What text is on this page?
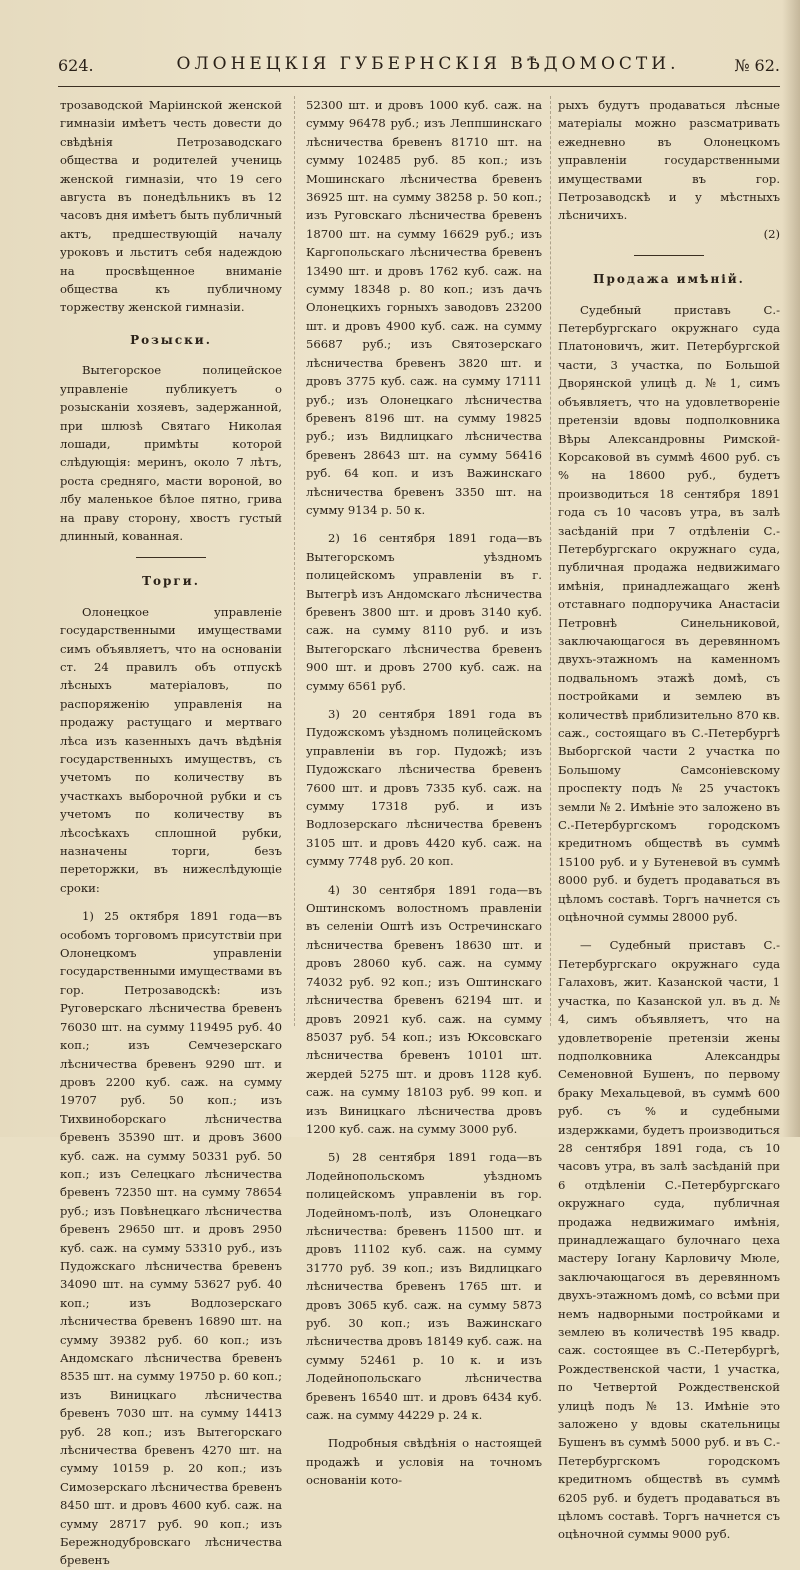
624.	ОЛОНЕЦКІЯ ГУБЕРНСКІЯ ВѢДОМОСТИ.	№ 62.

трозаводской Маріинской женской гимназіи имѣетъ честь довести до свѣдѣнія Петрозаводскаго общества и родителей учениць женской гимназіи, что 19 сего августа въ понедѣльникъ въ 12 часовъ дня имѣетъ быть публичный актъ, предшествующій началу уроковъ и льститъ себя надеждою на просвѣщенное вниманіе общества къ публичному торжеству женской гимназіи.

Розыски.

Вытегорское полицейское управленіе публикуетъ о розысканіи хозяевъ, задержанной, при шлюзѣ Святаго Николая лошади, примѣты которой слѣдующія: меринъ, около 7 лѣтъ, роста средняго, масти вороной, во лбу маленькое бѣлое пятно, грива на праву сторону, хвостъ густый длинный, кованная.

Торги.

Олонецкое управленіе государственными имуществами симъ объявляетъ, что на основаніи ст. 24 правилъ объ отпускѣ лѣсныхъ матеріаловъ, по распоряженію управленія на продажу растущаго и мертваго лѣса изъ казенныхъ дачъ вѣдѣнія государственныхъ имуществъ, съ учетомъ по количеству въ участкахъ выборочной рубки и съ учетомъ по количеству въ лѣсосѣкахъ сплошной рубки, назначены торги, безъ переторжки, въ нижеслѣдующіе сроки:

1) 25 октября 1891 года—въ особомъ торговомъ присутствіи при Олонецкомъ управленіи государственными имуществами въ гор. Петрозаводскѣ: изъ Руговерскаго лѣсничества бревенъ 76030 шт. на сумму 119495 руб. 40 коп.; изъ Семчезерскаго лѣсничества бревенъ 9290 шт. и дровъ 2200 куб. саж. на сумму 19707 руб. 50 коп.; изъ Тихвиноборскаго лѣсничества бревенъ 35390 шт. и дровъ 3600 куб. саж. на сумму 50331 руб. 50 коп.; изъ Селецкаго лѣсничества бревенъ 72350 шт. на сумму 78654 руб.; изъ Повѣнецкаго лѣсничества бревенъ 29650 шт. и дровъ 2950 куб. саж. на сумму 53310 руб., изъ Пудожскаго лѣсничества бревенъ 34090 шт. на сумму 53627 руб. 40 коп.; изъ Водлозерскаго лѣсничества бревенъ 16890 шт. на сумму 39382 руб. 60 коп.; изъ Андомскаго лѣсничества бревенъ 8535 шт. на сумму 19750 р. 60 коп.; изъ Виницкаго лѣсничества бревенъ 7030 шт. на сумму 14413 руб. 28 коп.; изъ Вытегорскаго лѣсничества бревенъ 4270 шт. на сумму 10159 р. 20 коп.; изъ Симозерскаго лѣсничества бревенъ 8450 шт. и дровъ 4600 куб. саж. на сумму 28717 руб. 90 коп.; изъ Бережнодубровскаго лѣсничества бревенъ

52300 шт. и дровъ 1000 куб. саж. на сумму 96478 руб.; изъ Леппшинскаго лѣсничества бревенъ 81710 шт. на сумму 102485 руб. 85 коп.; изъ Мошинскаго лѣсничества бревенъ 36925 шт. на сумму 38258 р. 50 коп.; изъ Руговскаго лѣсничества бревенъ 18700 шт. на сумму 16629 руб.; изъ Каргопольскаго лѣсничества бревенъ 13490 шт. и дровъ 1762 куб. саж. на сумму 18348 р. 80 коп.; изъ дачъ Олонецкихъ горныхъ заводовъ 23200 шт. и дровъ 4900 куб. саж. на сумму 56687 руб.; изъ Святозерскаго лѣсничества бревенъ 3820 шт. и дровъ 3775 куб. саж. на сумму 17111 руб.; изъ Олонецкаго лѣсничества бревенъ 8196 шт. на сумму 19825 руб.; изъ Видлицкаго лѣсничества бревенъ 28643 шт. на сумму 56416 руб. 64 коп. и изъ Важинскаго лѣсничества бревенъ 3350 шт. на сумму 9134 р. 50 к.

2) 16 сентября 1891 года—въ Вытегорскомъ уѣздномъ полицейскомъ управленіи въ г. Вытегрѣ изъ Андомскаго лѣсничества бревенъ 3800 шт. и дровъ 3140 куб. саж. на сумму 8110 руб. и изъ Вытегорскаго лѣсничества бревенъ 900 шт. и дровъ 2700 куб. саж. на сумму 6561 руб.

3) 20 сентября 1891 года въ Пудожскомъ уѣздномъ полицейскомъ управленіи въ гор. Пудожѣ; изъ Пудожскаго лѣсничества бревенъ 7600 шт. и дровъ 7335 куб. саж. на сумму 17318 руб. и изъ Водлозерскаго лѣсничества бревенъ 3105 шт. и дровъ 4420 куб. саж. на сумму 7748 руб. 20 коп.

4) 30 сентября 1891 года—въ Оштинскомъ волостномъ правленіи въ селеніи Оштѣ изъ Остречинскаго лѣсничества бревенъ 18630 шт. и дровъ 28060 куб. саж. на сумму 74032 руб. 92 коп.; изъ Оштинскаго лѣсничества бревенъ 62194 шт. и дровъ 20921 куб. саж. на сумму 85037 руб. 54 коп.; изъ Юксовскаго лѣсничества бревенъ 10101 шт. жердей 5275 шт. и дровъ 1128 куб. саж. на сумму 18103 руб. 99 коп. и изъ Виницкаго лѣсничества дровъ 1200 куб. саж. на сумму 3000 руб.

5) 28 сентября 1891 года—въ Лодейнопольскомъ уѣздномъ полицейскомъ управленіи въ гор. Лодейномъ-полѣ, изъ Олонецкаго лѣсничества: бревенъ 11500 шт. и дровъ 11102 куб. саж. на сумму 31770 руб. 39 коп.; изъ Видлицкаго лѣсничества бревенъ 1765 шт. и дровъ 3065 куб. саж. на сумму 5873 руб. 30 коп.; изъ Важинскаго лѣсничества дровъ 18149 куб. саж. на сумму 52461 р. 10 к. и изъ Лодейнопольскаго лѣсничества бревенъ 16540 шт. и дровъ 6434 куб. саж. на сумму 44229 р. 24 к.

Подробныя свѣдѣнія о настоящей продажѣ и условія на точномъ основаніи кото-

рыхъ будутъ продаваться лѣсные матеріалы можно разсматривать ежедневно въ Олонецкомъ управленіи государственными имуществами въ гор. Петрозаводскѣ и у мѣстныхъ лѣсничихъ.

(2)

Продажа имѣній.

Судебный приставъ С.-Петербургскаго окружнаго суда Платоновичъ, жит. Петербургской части, 3 участка, по Большой Дворянской улицѣ д. № 1, симъ объявляетъ, что на удовлетвореніе претензіи вдовы подполковника Вѣры Александровны Римской-Корсаковой въ суммѣ 4600 руб. съ % на 18600 руб., будетъ производиться 18 сентября 1891 года съ 10 часовъ утра, въ залѣ засѣданій при 7 отдѣленіи С.-Петербургскаго окружнаго суда, публичная продажа недвижимаго имѣнія, принадлежащаго женѣ отставнаго подпоручика Анастасіи Петровнѣ Синельниковой, заключающагося въ деревянномъ двухъ-этажномъ на каменномъ подвальномъ этажѣ домѣ, съ постройками и землею въ количествѣ приблизительно 870 кв. саж., состоящаго въ С.-Петербургѣ Выборгской части 2 участка по Большому Самсоніевскому проспекту подъ № 25 участокъ земли № 2. Имѣніе это заложено въ С.-Петербургскомъ городскомъ кредитномъ обществѣ въ суммѣ 15100 руб. и у Бутеневой въ суммѣ 8000 руб. и будетъ продаваться въ цѣломъ составѣ. Торгъ начнется съ оцѣночной суммы 28000 руб.

— Судебный приставъ С.-Петербургскаго окружнаго суда Галаховъ, жит. Казанской части, 1 участка, по Казанской ул. въ д. № 4, симъ объявляетъ, что на удовлетвореніе претензіи жены подполковника Александры Семеновной Бушенъ, по первому браку Мехальцевой, въ суммѣ 600 руб. съ % и судебными издержками, будетъ производиться 28 сентября 1891 года, съ 10 часовъ утра, въ залѣ засѣданій при 6 отдѣленіи С.-Петербургскаго окружнаго суда, публичная продажа недвижимаго имѣнія, принадлежащаго булочнаго цеха мастеру Іогану Карловичу Мюле, заключающагося въ деревянномъ двухъ-этажномъ домѣ, со всѣми при немъ надворными постройками и землею въ количествѣ 195 квадр. саж. состоящее въ С.-Петербургѣ, Рождественской части, 1 участка, по Четвертой Рождественской улицѣ подъ № 13. Имѣніе это заложено у вдовы скательницы Бушенъ въ суммѣ 5000 руб. и въ С.-Петербургскомъ городскомъ кредитномъ обществѣ въ суммѣ 6205 руб. и будетъ продаваться въ цѣломъ составѣ. Торгъ начнется съ оцѣночной суммы 9000 руб.
